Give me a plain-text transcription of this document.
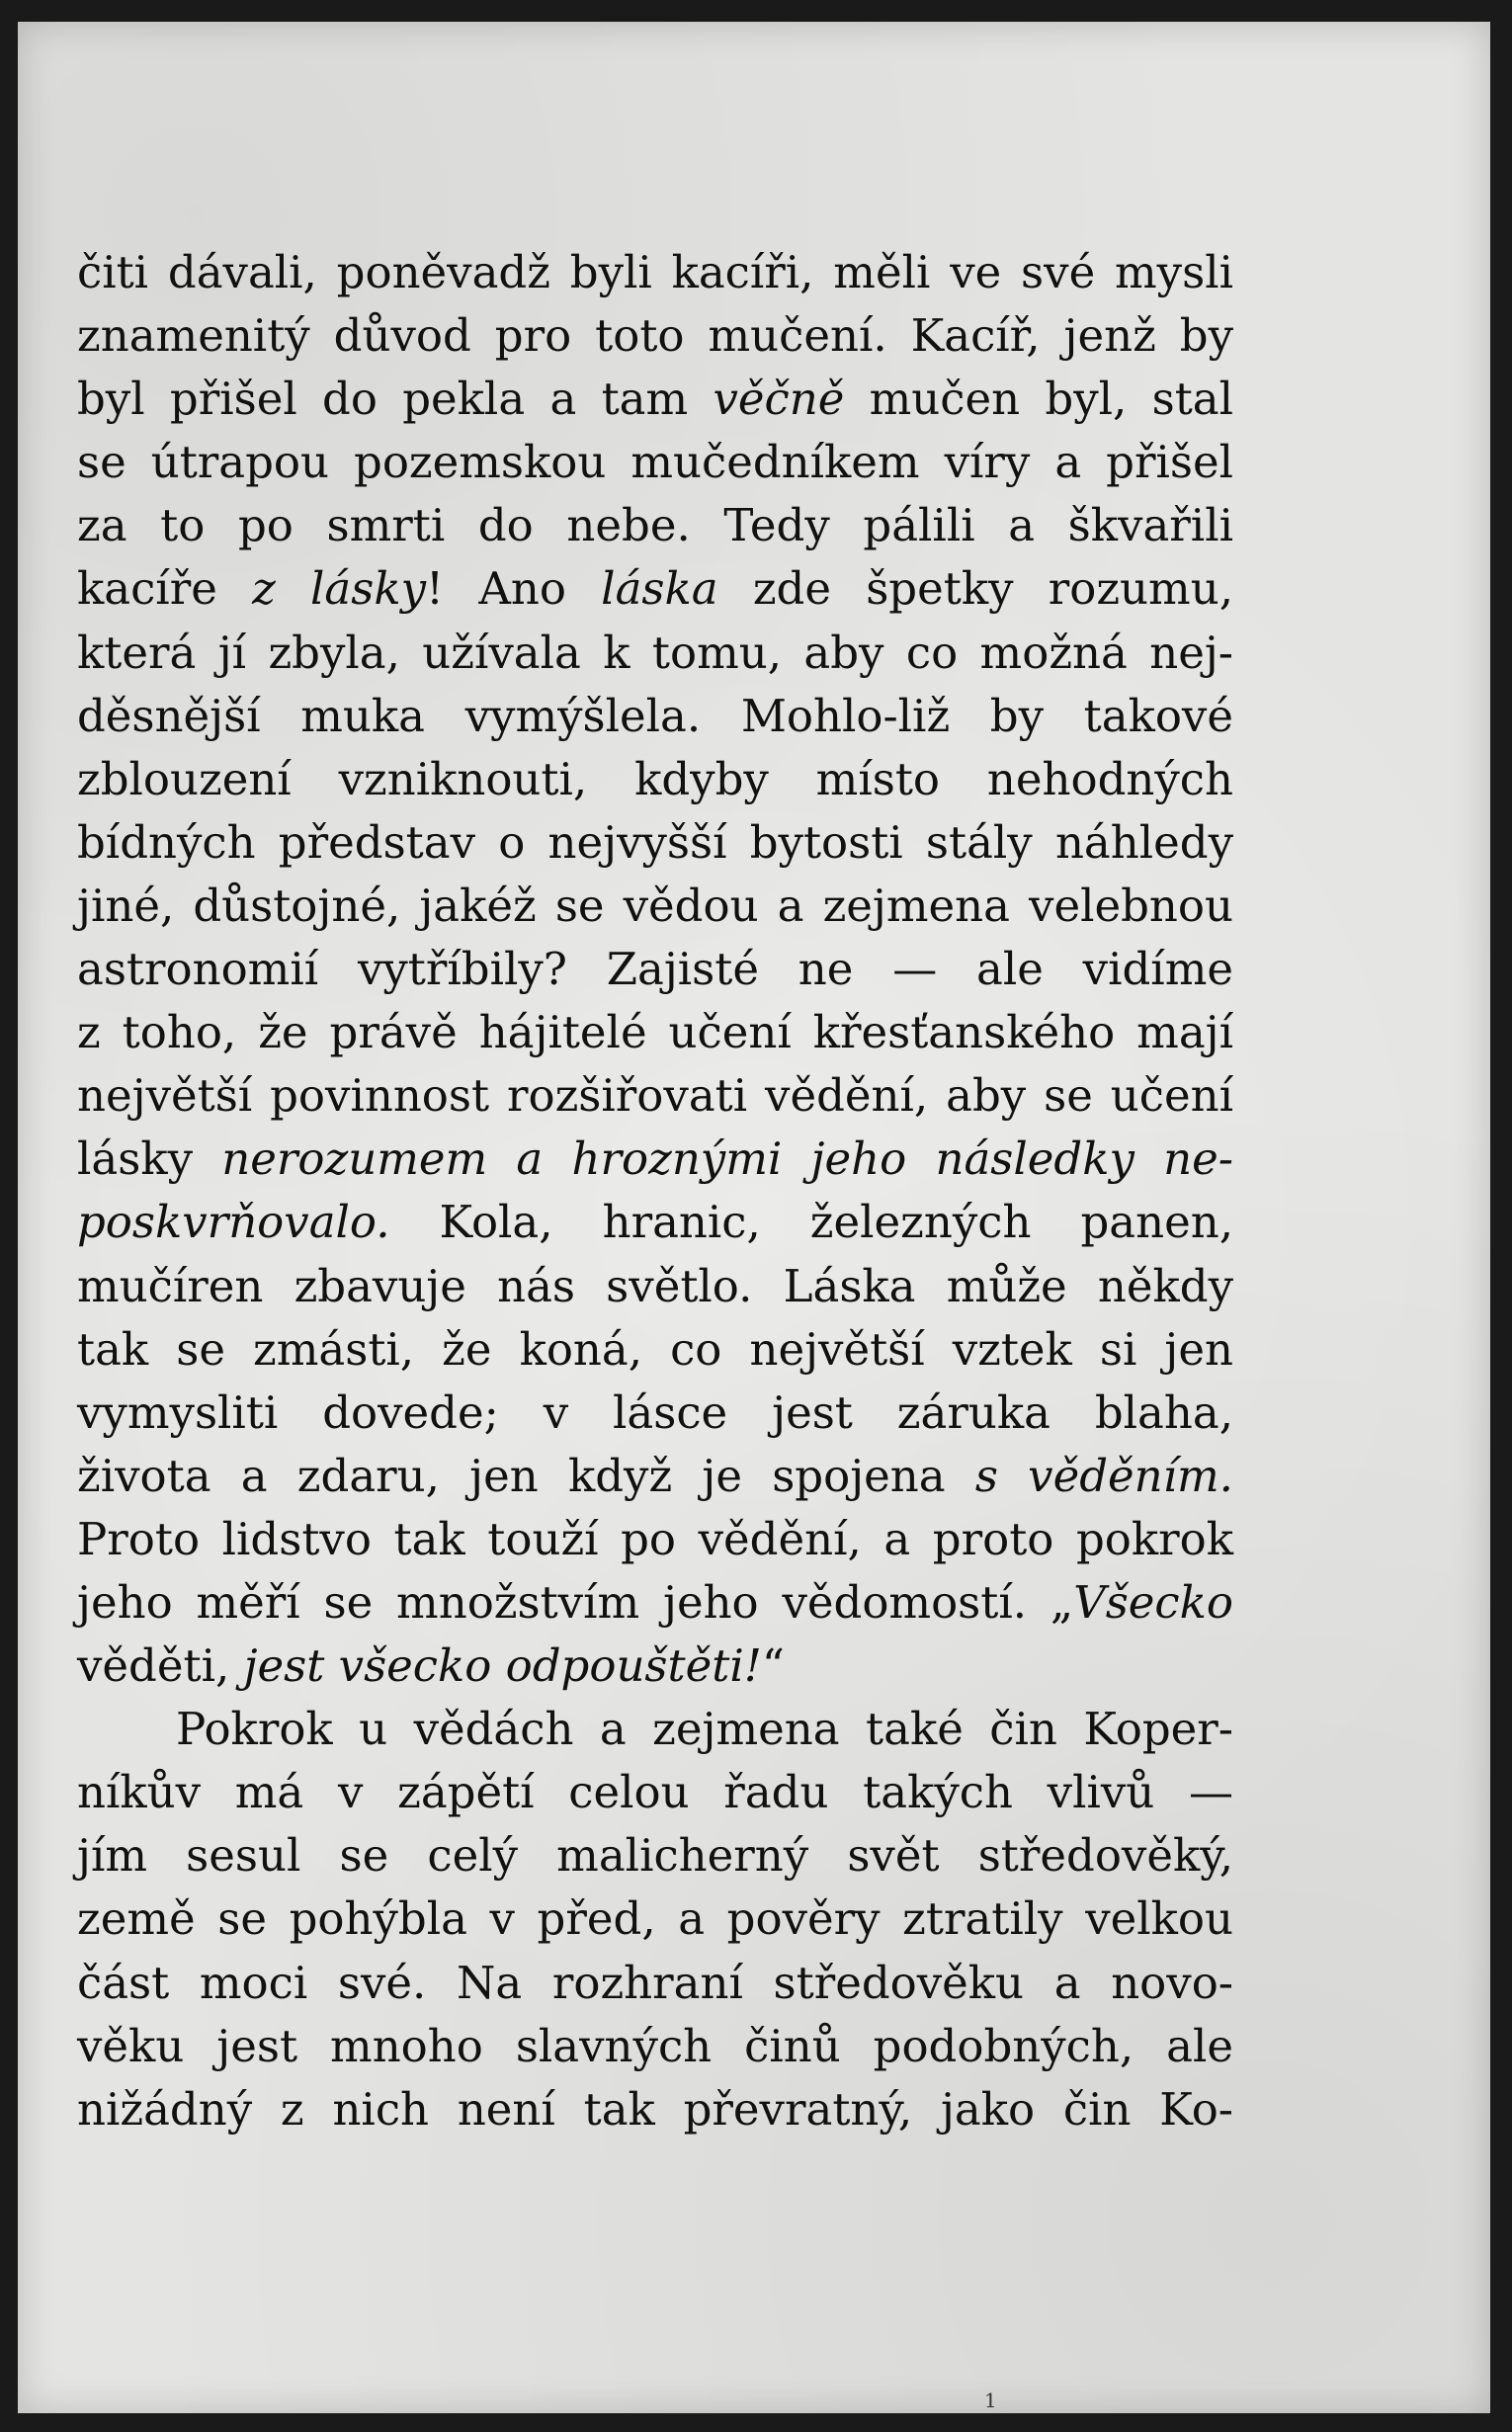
čiti dávali, poněvadž byli kacíři, měli ve své mysli
znamenitý důvod pro toto mučení. Kacíř, jenž by
byl přišel do pekla a tam věčně mučen byl, stal
se útrapou pozemskou mučedníkem víry a přišel
za to po smrti do nebe. Tedy pálili a škvařili
kacíře z lásky! Ano láska zde špetky rozumu,
která jí zbyla, užívala k tomu, aby co možná nej-
děsnější muka vymýšlela. Mohlo-liž by takové
zblouzení vzniknouti, kdyby místo nehodných
bídných představ o nejvyšší bytosti stály náhledy
jiné, důstojné, jakéž se vědou a zejmena velebnou
astronomií vytříbily? Zajisté ne — ale vidíme
z toho, že právě hájitelé učení křesťanského mají
největší povinnost rozšiřovati vědění, aby se učení
lásky nerozumem a hroznými jeho následky ne-
poskvrňovalo. Kola, hranic, železných panen,
mučíren zbavuje nás světlo. Láska může někdy
tak se zmásti, že koná, co největší vztek si jen
vymysliti dovede; v lásce jest záruka blaha,
života a zdaru, jen když je spojena s věděním.
Proto lidstvo tak touží po vědění, a proto pokrok
jeho měří se množstvím jeho vědomostí. „Všecko
věděti, jest všecko odpouštěti!“
Pokrok u vědách a zejmena také čin Koper-
níkův má v zápětí celou řadu takých vlivů —
jím sesul se celý malicherný svět středověký,
země se pohýbla v před, a pověry ztratily velkou
část moci své. Na rozhraní středověku a novo-
věku jest mnoho slavných činů podobných, ale
nižádný z nich není tak převratný, jako čin Ko-
1
